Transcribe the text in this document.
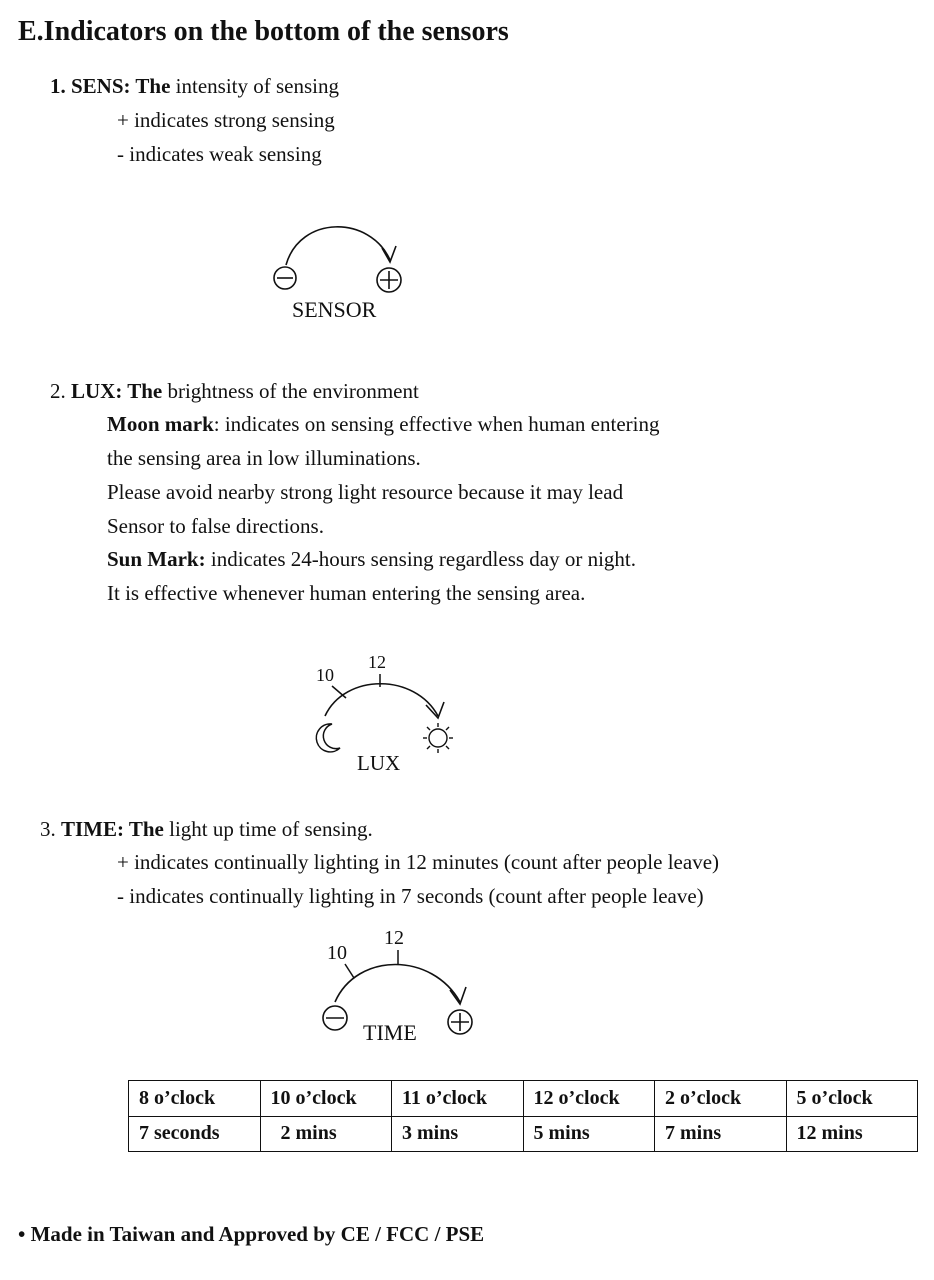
E.Indicators on the bottom of the sensors
1. SENS: The intensity of sensing
+ indicates strong sensing
- indicates weak sensing
SENSOR
2. LUX: The brightness of the environment
Moon mark: indicates on sensing effective when human entering
the sensing area in low illuminations.
Please avoid nearby strong light resource because it may lead
Sensor to false directions.
Sun Mark: indicates 24-hours sensing regardless day or night.
It is effective whenever human entering the sensing area.
12
10
LUX
3. TIME: The light up time of sensing.
+ indicates continually lighting in 12 minutes (count after people leave)
- indicates continually lighting in 7 seconds (count after people leave)
12
10
TIME
8 o’clock	10 o’clock	11 o’clock	12 o’clock	2 o’clock	5 o’clock
7 seconds	2 mins	3 mins	5 mins	7 mins	12 mins
• Made in Taiwan and Approved by CE / FCC / PSE
